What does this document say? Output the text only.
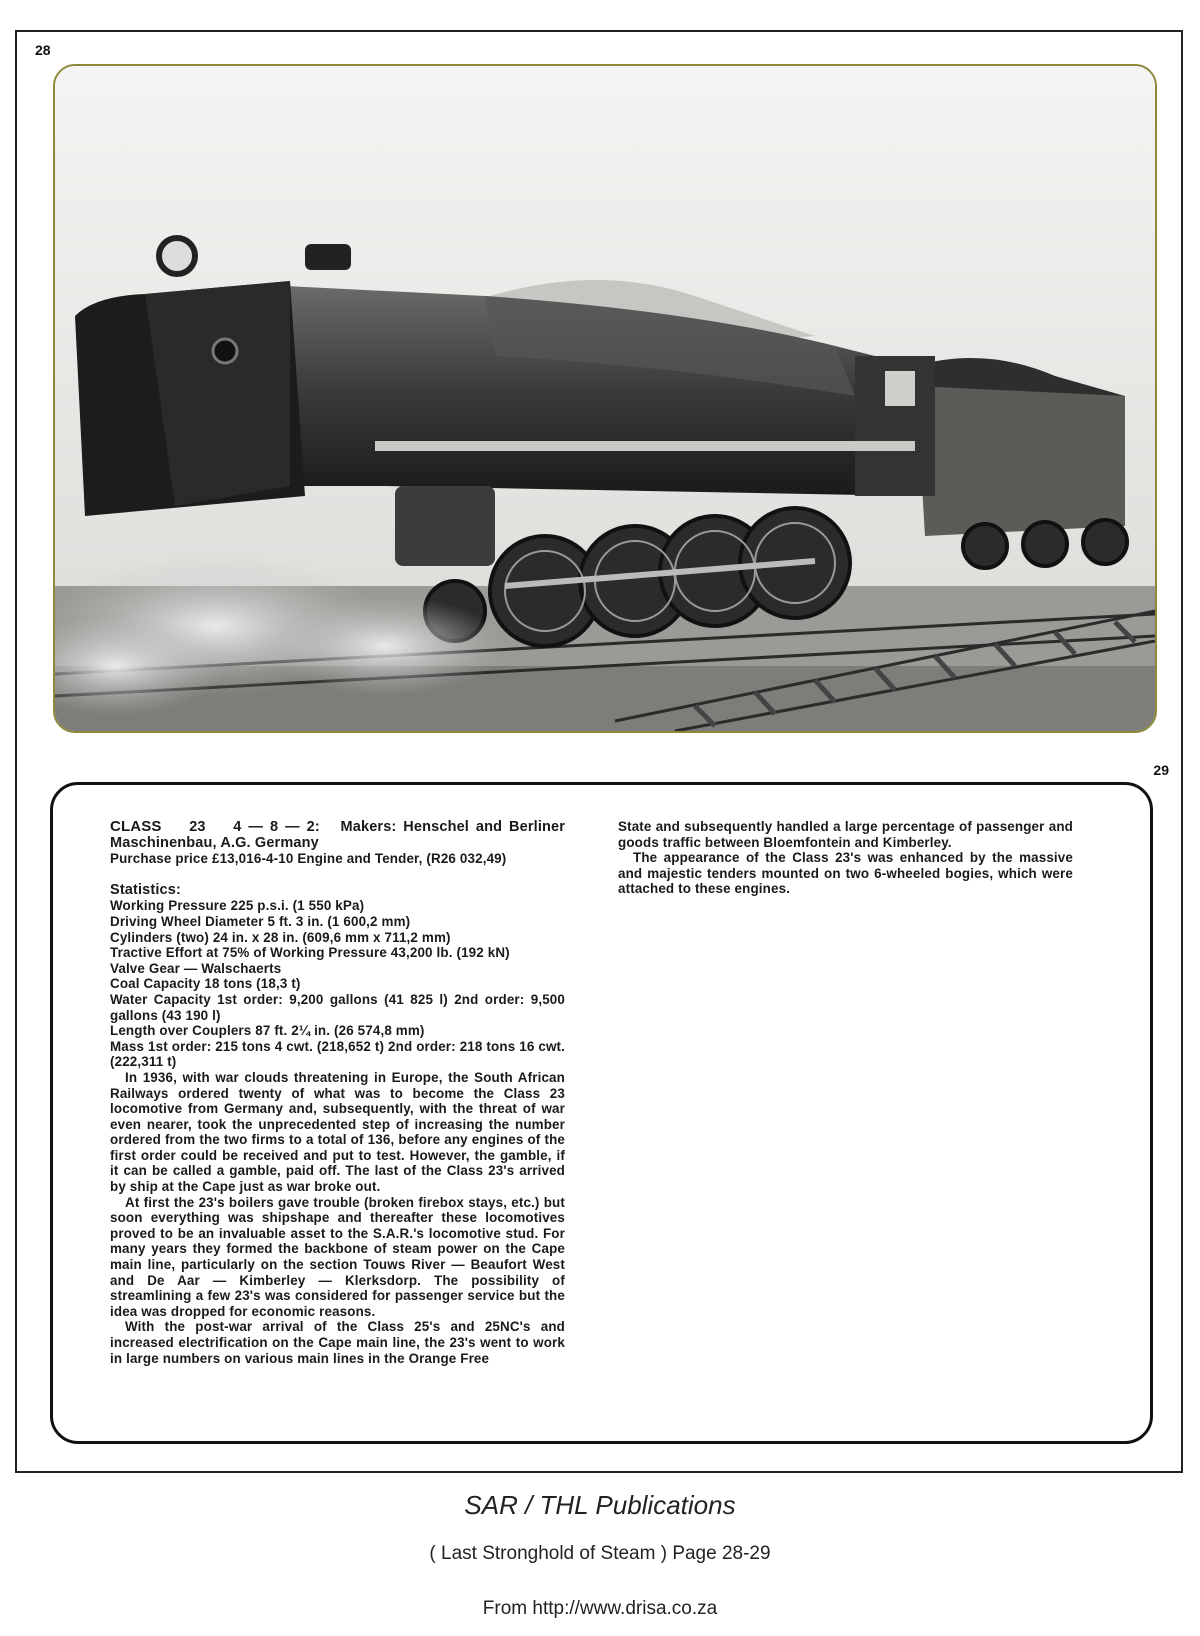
28
29

CLASS 23 4 — 8 — 2: Makers: Henschel and Berliner Maschinenbau, A.G. Germany

Purchase price £13,016-4-10 Engine and Tender, (R26 032,49)

Statistics:

Working Pressure 225 p.s.i. (1 550 kPa)

Driving Wheel Diameter 5 ft. 3 in. (1 600,2 mm)

Cylinders (two) 24 in. x 28 in. (609,6 mm x 711,2 mm)

Tractive Effort at 75% of Working Pressure 43,200 lb. (192 kN)

Valve Gear — Walschaerts

Coal Capacity 18 tons (18,3 t)

Water Capacity 1st order: 9,200 gallons (41 825 l) 2nd order: 9,500 gallons (43 190 l)

Length over Couplers 87 ft. 2¼ in. (26 574,8 mm)

Mass 1st order: 215 tons 4 cwt. (218,652 t) 2nd order: 218 tons 16 cwt. (222,311 t)

In 1936, with war clouds threatening in Europe, the South African Railways ordered twenty of what was to become the Class 23 locomotive from Germany and, subsequently, with the threat of war even nearer, took the unprecedented step of increasing the number ordered from the two firms to a total of 136, before any engines of the first order could be received and put to test. However, the gamble, if it can be called a gamble, paid off. The last of the Class 23's arrived by ship at the Cape just as war broke out.

At first the 23's boilers gave trouble (broken firebox stays, etc.) but soon everything was shipshape and thereafter these locomotives proved to be an invaluable asset to the S.A.R.'s locomotive stud. For many years they formed the backbone of steam power on the Cape main line, particularly on the section Touws River — Beaufort West and De Aar — Kimberley — Klerksdorp. The possibility of streamlining a few 23's was considered for passenger service but the idea was dropped for economic reasons.

With the post-war arrival of the Class 25's and 25NC's and increased electrification on the Cape main line, the 23's went to work in large numbers on various main lines in the Orange Free

State and subsequently handled a large percentage of passenger and goods traffic between Bloemfontein and Kimberley.

The appearance of the Class 23's was enhanced by the massive and majestic tenders mounted on two 6-wheeled bogies, which were attached to these engines.

SAR / THL Publications
( Last Stronghold of Steam ) Page 28-29
From http://www.drisa.co.za
